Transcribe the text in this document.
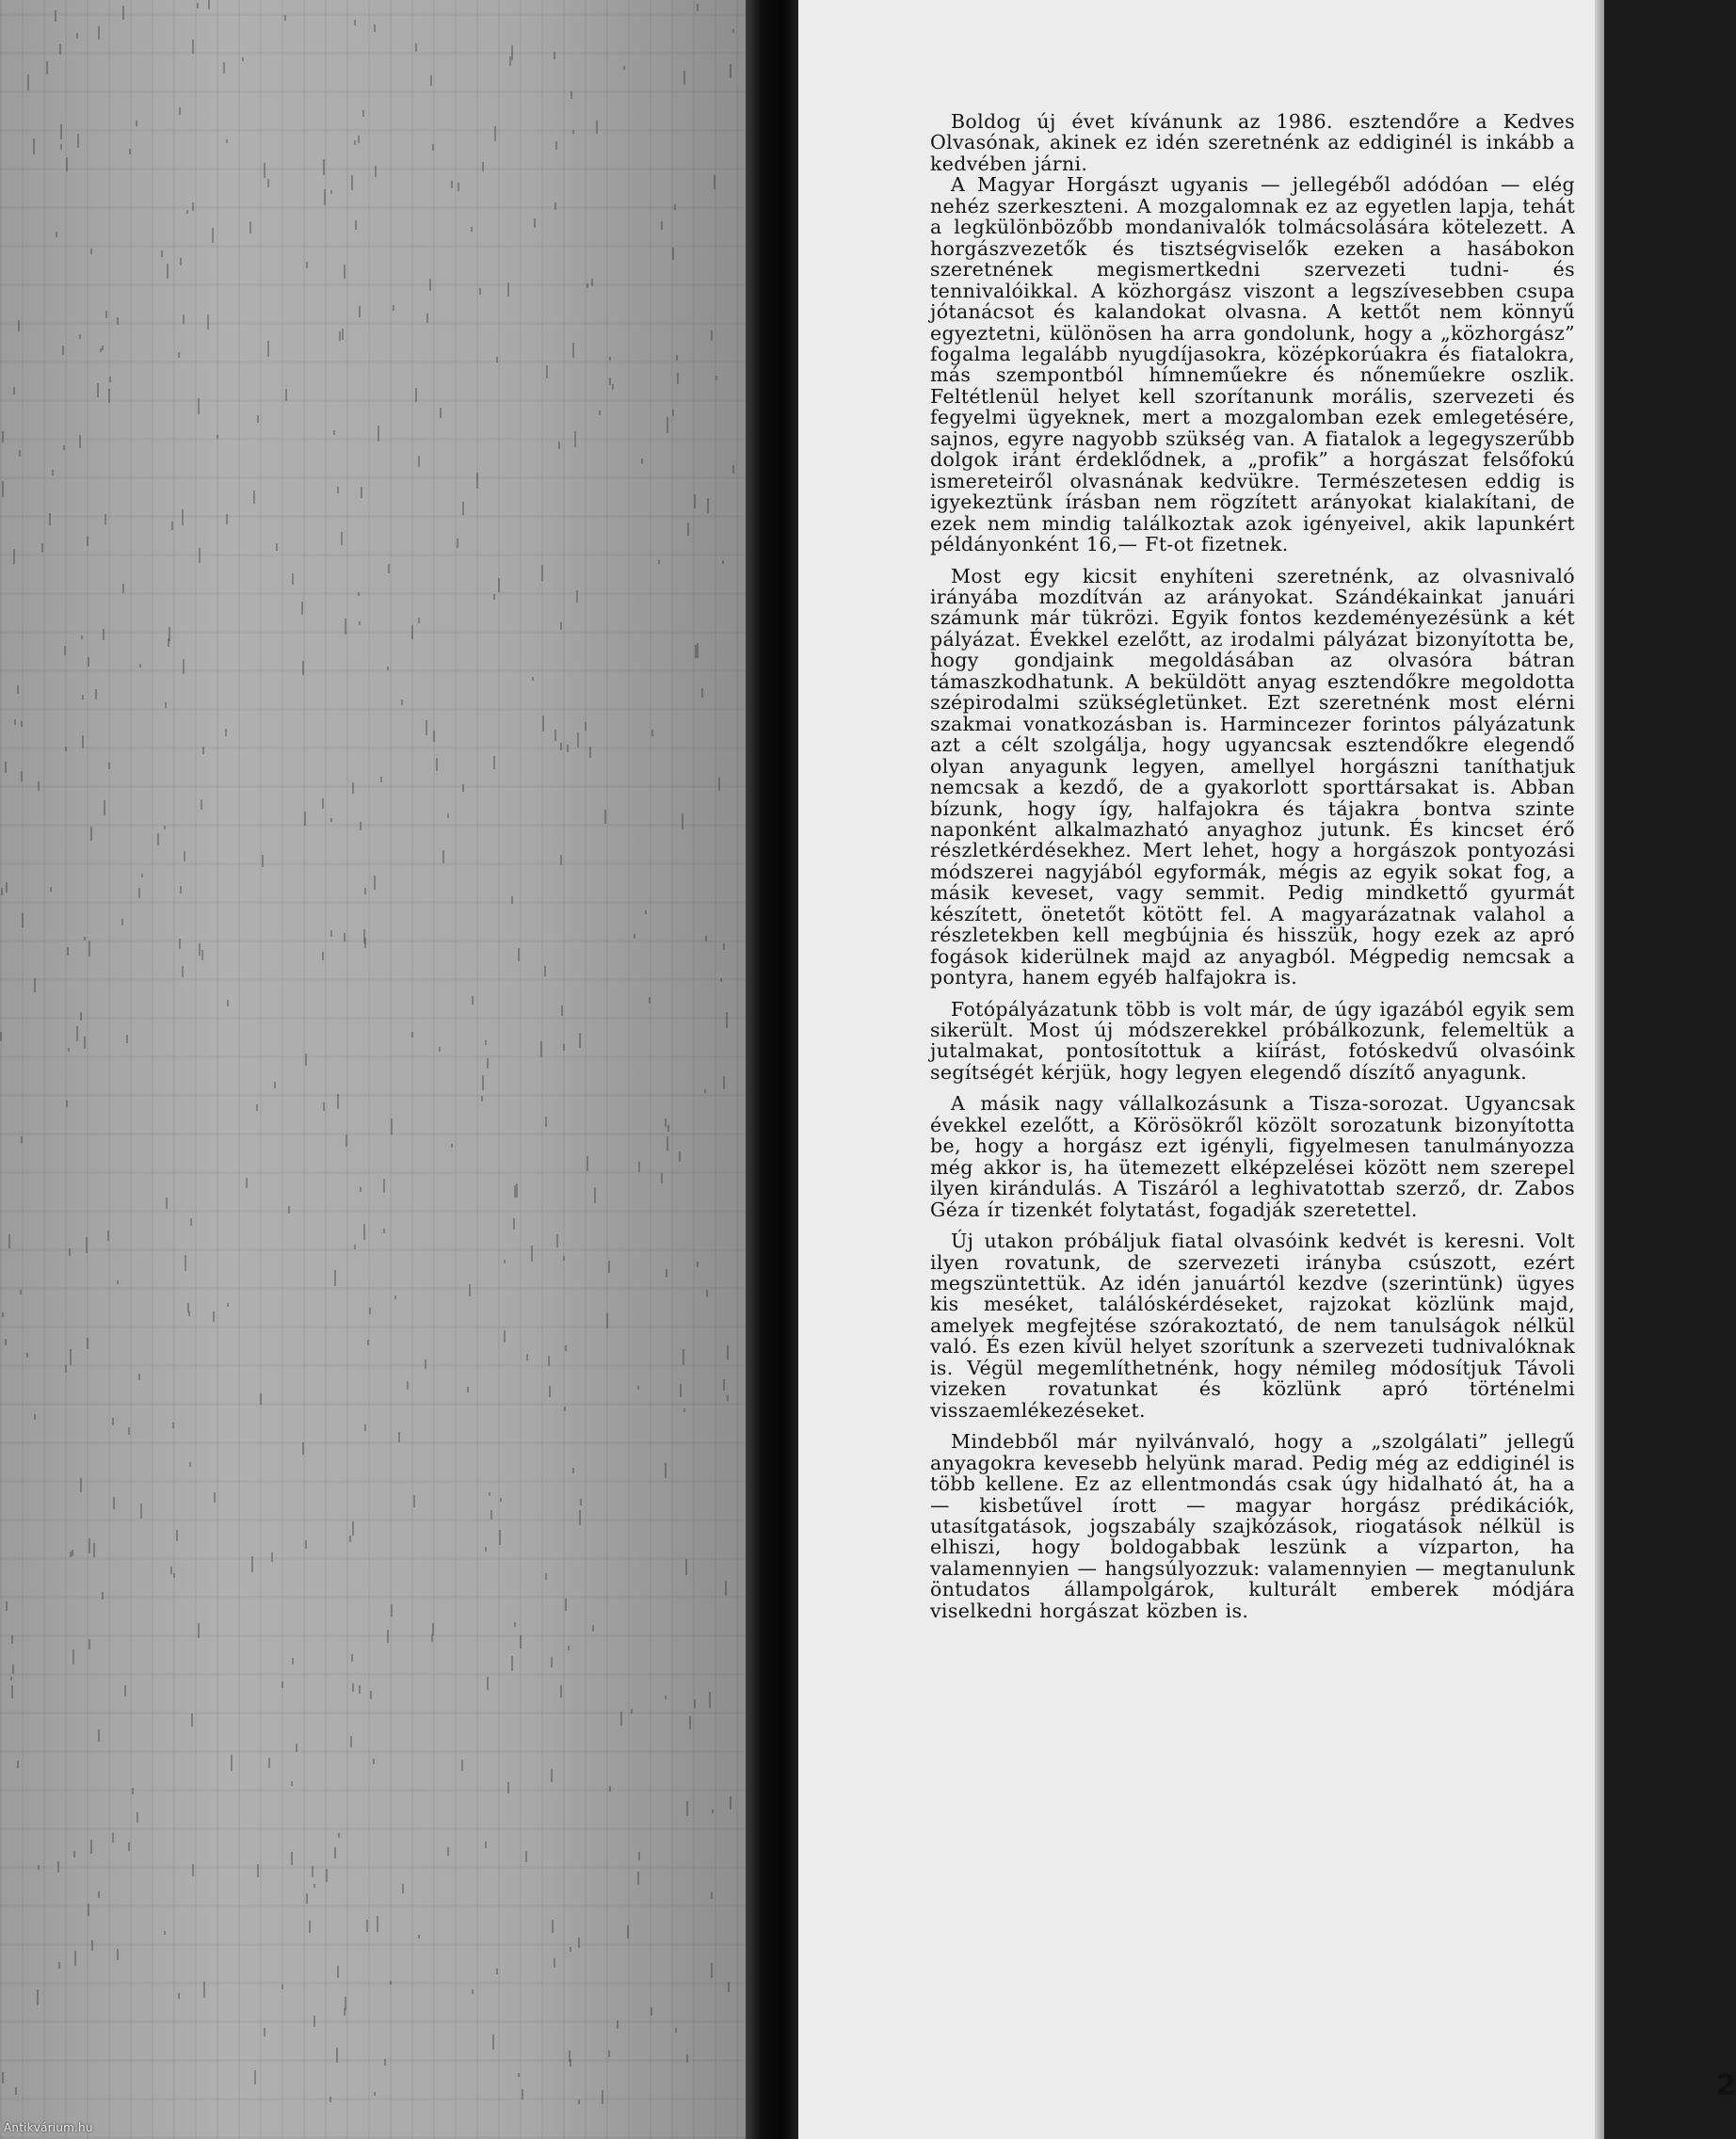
Boldog új évet kívánunk az 1986. esztendőre a Kedves Olvasónak, akinek ez idén szeretnénk az eddiginél is inkább a kedvében járni.

A Magyar Horgászt ugyanis — jellegéből adódóan — elég nehéz szerkeszteni. A mozgalomnak ez az egyetlen lapja, tehát a legkülönbözőbb mondanivalók tolmácsolására kötelezett. A horgászvezetők és tisztségviselők ezeken a hasábokon szeretnének megismertkedni szervezeti tudni- és tennivalóikkal. A közhorgász viszont a legszívesebben csupa jótanácsot és kalandokat olvasna. A kettőt nem könnyű egyeztetni, különösen ha arra gondolunk, hogy a „közhorgász” fogalma legalább nyugdíjasokra, középkorúakra és fiatalokra, más szempontból hímneműekre és nőneműekre oszlik. Feltétlenül helyet kell szorítanunk morális, szervezeti és fegyelmi ügyeknek, mert a mozgalomban ezek emlegetésére, sajnos, egyre nagyobb szükség van. A fiatalok a legegyszerűbb dolgok iránt érdeklődnek, a „profik” a horgászat felsőfokú ismereteiről olvasnának kedvükre. Természetesen eddig is igyekeztünk írásban nem rögzített arányokat kialakítani, de ezek nem mindig találkoztak azok igényeivel, akik lapunkért példányonként 16,— Ft-ot fizetnek.

Most egy kicsit enyhíteni szeretnénk, az olvasnivaló irányába mozdítván az arányokat. Szándékainkat januári számunk már tükrözi. Egyik fontos kezdeményezésünk a két pályázat. Évekkel ezelőtt, az irodalmi pályázat bizonyította be, hogy gondjaink megoldásában az olvasóra bátran támaszkodhatunk. A beküldött anyag esztendőkre megoldotta szépirodalmi szükségletünket. Ezt szeretnénk most elérni szakmai vonatkozásban is. Harmincezer forintos pályázatunk azt a célt szolgálja, hogy ugyancsak esztendőkre elegendő olyan anyagunk legyen, amellyel horgászni taníthatjuk nemcsak a kezdő, de a gyakorlott sporttársakat is. Abban bízunk, hogy így, halfajokra és tájakra bontva szinte naponként alkalmazható anyaghoz jutunk. És kincset érő részletkérdésekhez. Mert lehet, hogy a horgászok pontyozási módszerei nagyjából egyformák, mégis az egyik sokat fog, a másik keveset, vagy semmit. Pedig mindkettő gyurmát készített, önetetőt kötött fel. A magyarázatnak valahol a részletekben kell megbújnia és hisszük, hogy ezek az apró fogások kiderülnek majd az anyagból. Mégpedig nemcsak a pontyra, hanem egyéb halfajokra is.

Fotópályázatunk több is volt már, de úgy igazából egyik sem sikerült. Most új módszerekkel próbálkozunk, felemeltük a jutalmakat, pontosítottuk a kiírást, fotóskedvű olvasóink segítségét kérjük, hogy legyen elegendő díszítő anyagunk.

A másik nagy vállalkozásunk a Tisza-sorozat. Ugyancsak évekkel ezelőtt, a Körösökről közölt sorozatunk bizonyította be, hogy a horgász ezt igényli, figyelmesen tanulmányozza még akkor is, ha ütemezett elképzelései között nem szerepel ilyen kirándulás. A Tiszáról a leghivatottab szerző, dr. Zabos Géza ír tizenkét folytatást, fogadják szeretettel.

Új utakon próbáljuk fiatal olvasóink kedvét is keresni. Volt ilyen rovatunk, de szervezeti irányba csúszott, ezért megszüntettük. Az idén januártól kezdve (szerintünk) ügyes kis meséket, találóskérdéseket, rajzokat közlünk majd, amelyek megfejtése szórakoztató, de nem tanulságok nélkül való. És ezen kívül helyet szorítunk a szervezeti tudnivalóknak is. Végül megemlíthetnénk, hogy némileg módosítjuk Távoli vizeken rovatunkat és közlünk apró történelmi visszaemlékezéseket.

Mindebből már nyilvánvaló, hogy a „szolgálati” jellegű anyagokra kevesebb helyünk marad. Pedig még az eddiginél is több kellene. Ez az ellentmondás csak úgy hidalható át, ha a — kisbetűvel írott — magyar horgász prédikációk, utasítgatások, jogszabály szajkózások, riogatások nélkül is elhiszi, hogy boldogabbak leszünk a vízparton, ha valamennyien — hangsúlyozzuk: valamennyien — megtanulunk öntudatos állampolgárok, kulturált emberek módjára viselkedni horgászat közben is.

2
Antikvárium.hu
